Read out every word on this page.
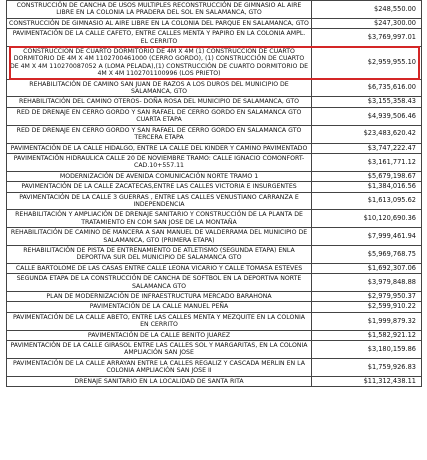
CONSTRUCCIÓN DE CANCHA DE USOS MULTIPLES RECONSTRUCCIÓN DE GIMNASIO AL AIRE LIBRE EN LA COLONIA LA PRADERA DEL SOL EN SALAMANCA, GTO	$248,550.00
CONSTRUCCIÓN DE GIMNASIO AL AIRE LIBRE EN LA COLONIA DEL PARQUE EN SALAMANCA, GTO	$247,300.00
PAVIMENTACIÓN DE LA CALLE CAFETO, ENTRE CALLES MENTA Y PAPIRO EN LA COLONIA AMPL. EL CERRITO	$3,769,997.01
CONSTRUCCIÓN DE CUARTO DORMITORIO DE 4M X 4M (1) CONSTRUCCIÓN DE CUARTO DORMITORIO DE 4M X 4M 1102700461000 (CERRO GORDO), (1) CONSTRUCCIÓN DE CUARTO DE 4M X 4M 110270087052 A (LOMA PELADA),(1) CONSTRUCCIÓN DE CUARTO DORMITORIO DE 4M X 4M 1102701100996 (LOS PRIETO)	$2,959,955.10
REHABILITACIÓN DE CAMINO SAN JUAN DE RAZOS A LOS DUROS DEL MUNICIPIO DE SALAMANCA, GTO	$6,735,616.00
REHABILITACIÓN DEL CAMINO OTEROS- DOÑA ROSA DEL MUNICIPIO DE SALAMANCA, GTO	$3,155,358.43
RED DE DRENAJE EN CERRO GORDO Y SAN RAFAEL DE CERRO GORDO EN SALAMANCA GTO CUARTA ETAPA	$4,939,506.46
RED DE DRENAJE EN CERRO GORDO Y SAN RAFAEL DE CERRO GORDO EN SALAMANCA GTO TERCERA ETAPA	$23,483,620.42
PAVIMENTACIÓN DE LA CALLE HIDALGO, ENTRE LA CALLE DEL KINDER Y CAMINO PAVIMENTADO	$3,747,222.47
PAVIMENTACIÓN HIDRAULICA CALLE 20 DE NOVIEMBRE TRAMO: CALLE IGNACIO COMONFORT-CAD.10+557.11	$3,161,771.12
MODERNIZACIÓN DE AVENIDA COMUNICACIÓN NORTE TRAMO 1	$5,679,198.67
PAVIMENTACIÓN DE LA CALLE ZACATECAS,ENTRE LAS CALLES VICTORIA E INSURGENTES	$1,384,016.56
PAVIMENTACIÓN DE LA CALLE 3 GUERRAS , ENTRE LAS CALLES VENUSTIANO CARRANZA E INDEPENDENCIA	$1,613,095.62
REHABILITACIÓN Y AMPLIACIÓN DE DRENAJE SANITARIO Y CONSTRUCCIÓN DE LA PLANTA DE TRATAMIENTO EN COM SAN JOSE DE LA MONTAÑA	$10,120,690.36
REHABILITACIÓN DE CAMINO DE MANCERA A SAN MANUEL DE VALDERRAMA DEL MUNICIPIO DE SALAMANCA, GTO (PRIMERA ETAPA)	$7,999,461.94
REHABILITACIÓN DE PISTA DE ENTRENAMIENTO DE ATLETISMO (SEGUNDA ETAPA) ENLA DEPORTIVA SUR DEL MUNICIPIO DE SALAMANCA GTO	$5,969,768.75
CALLE BARTOLOME DE LAS CASAS ENTRE CALLE LEONA VICARIO Y CALLE TOMASA ESTEVES	$1,692,307.06
SEGUNDA ETAPA DE LA CONSTRUCCIÓN DE CANCHA DE SOFTBOL EN LA DEPORTIVA NORTE SALAMANCA GTO	$3,979,848.88
PLAN DE MODERNIZACIÓN DE INFRAESTRUCTURA MERCADO BARAHONA	$2,979,950.37
PAVIMENTACIÓN DE LA CALLE MANUEL PEÑA	$2,599,910.22
PAVIMENTACIÓN DE LA CALLE ABETO, ENTRE LAS CALLES MENTA Y MEZQUITE EN LA COLONIA EN CERRITO	$1,999,879.32
PAVIMENTACIÓN DE LA CALLE BENITO JUAREZ	$1,582,921.12
PAVIMENTACIÓN DE LA CALLE GIRASOL ENTRE LAS CALLES SOL Y MARGARITAS, EN LA COLONIA AMPLIACIÓN SAN JOSE	$3,180,159.86
PAVIMENTACIÓN DE LA CALLE ARRAYAN ENTRE LA CALLES REGALIZ Y CASCADA MERLIN EN LA COLONIA AMPLIACIÓN SAN JOSE II	$1,759,926.83
DRENAJE SANITARIO EN LA LOCALIDAD DE SANTA RITA	$11,312,438.11
